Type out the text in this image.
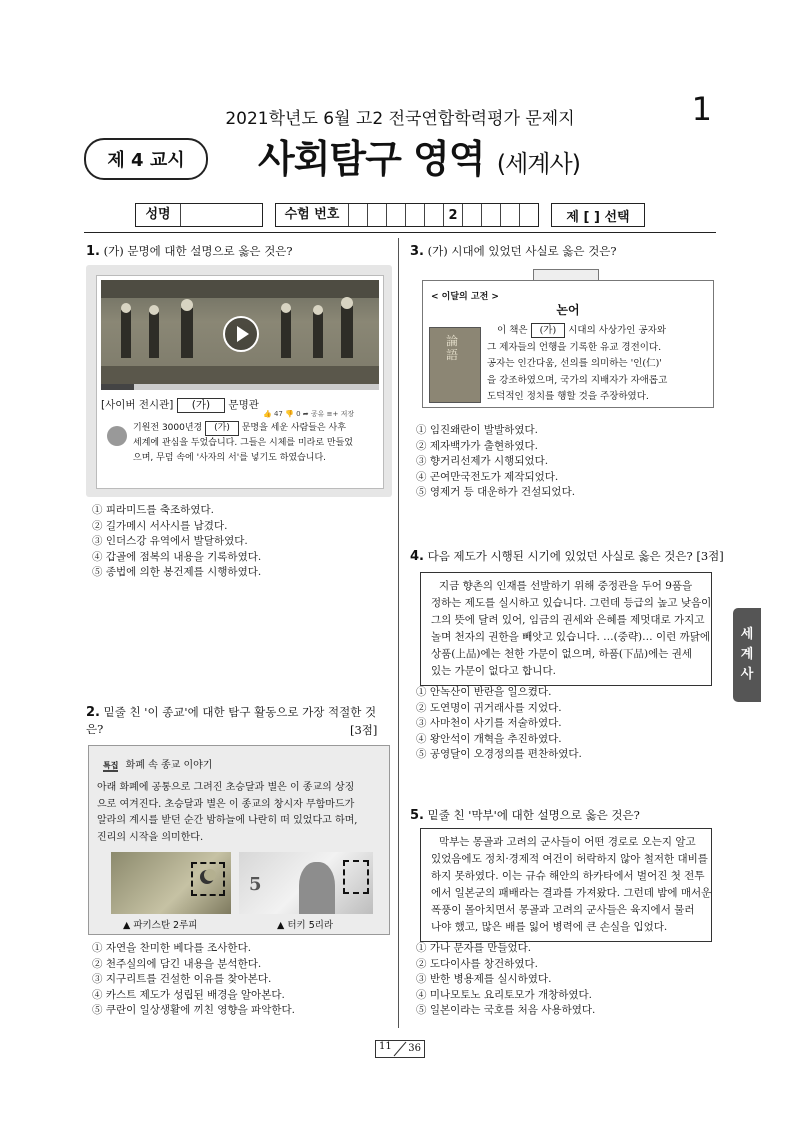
2021학년도 6월 고2 전국연합학력평가 문제지	1
제 4 교시	사회탐구 영역 (세계사)
성명	수험 번호	2	제 [ ] 선택
1. (가) 문명에 대한 설명으로 옳은 것은?
[사이버 전시관] (가) 문명관
👍 47 👎 0 ➦ 공유 ≡+ 저장
기원전 3000년경 (가) 문명을 세운 사람들은 사후
세계에 관심을 두었습니다. 그들은 시체를 미라로 만들었
으며, 무덤 속에 '사자의 서'를 넣기도 하였습니다.
① 피라미드를 축조하였다.
② 길가메시 서사시를 남겼다.
③ 인더스강 유역에서 발달하였다.
④ 갑골에 점복의 내용을 기록하였다.
⑤ 종법에 의한 봉건제를 시행하였다.
2. 밑줄 친 '이 종교'에 대한 탐구 활동으로 가장 적절한 것은?	[3점]
특집 화폐 속 종교 이야기
아래 화폐에 공통으로 그려진 초승달과 별은 이 종교의 상징
으로 여겨진다. 초승달과 별은 이 종교의 창시자 무함마드가
알라의 계시를 받던 순간 밤하늘에 나란히 떠 있었다고 하며,
진리의 시작을 의미한다.
5
▲ 파키스탄 2루피	▲ 터키 5리라
① 자연을 찬미한 베다를 조사한다.
② 천주실의에 담긴 내용을 분석한다.
③ 지구리트를 건설한 이유를 찾아본다.
④ 카스트 제도가 성립된 배경을 알아본다.
⑤ 쿠란이 일상생활에 끼친 영향을 파악한다.
3. (가) 시대에 있었던 사실로 옳은 것은?
< 이달의 고전 >
논어
論語
이 책은 (가) 시대의 사상가인 공자와
그 제자들의 언행을 기록한 유교 경전이다.
공자는 인간다움, 선의를 의미하는 '인(仁)'
을 강조하였으며, 국가의 지배자가 자애롭고
도덕적인 정치를 행할 것을 주장하였다.
① 임진왜란이 발발하였다.
② 제자백가가 출현하였다.
③ 향거리선제가 시행되었다.
④ 곤여만국전도가 제작되었다.
⑤ 영제거 등 대운하가 건설되었다.
4. 다음 제도가 시행된 시기에 있었던 사실로 옳은 것은? [3점]
지금 향촌의 인재를 선발하기 위해 중정관을 두어 9품을
정하는 제도를 실시하고 있습니다. 그런데 등급의 높고 낮음이
그의 뜻에 달려 있어, 임금의 권세와 은혜를 제멋대로 가지고
놀며 천자의 권한을 빼앗고 있습니다. …(중략)… 이런 까닭에
상품(上品)에는 천한 가문이 없으며, 하품(下品)에는 권세
있는 가문이 없다고 합니다.
① 안녹산이 반란을 일으켰다.
② 도연명이 귀거래사를 지었다.
③ 사마천이 사기를 저술하였다.
④ 왕안석이 개혁을 추진하였다.
⑤ 공영달이 오경정의를 편찬하였다.
5. 밑줄 친 '막부'에 대한 설명으로 옳은 것은?
막부는 몽골과 고려의 군사들이 어떤 경로로 오는지 알고
있었음에도 정치·경제적 여건이 허락하지 않아 철저한 대비를
하지 못하였다. 이는 규슈 해안의 하카타에서 벌어진 첫 전투
에서 일본군의 패배라는 결과를 가져왔다. 그런데 밤에 매서운
폭풍이 몰아치면서 몽골과 고려의 군사들은 육지에서 물러
나야 했고, 많은 배를 잃어 병력에 큰 손실을 입었다.
① 가나 문자를 만들었다.
② 도다이사를 창건하였다.
③ 반한 병용제를 실시하였다.
④ 미나모토노 요리토모가 개창하였다.
⑤ 일본이라는 국호를 처음 사용하였다.
세
계
사
11 36
